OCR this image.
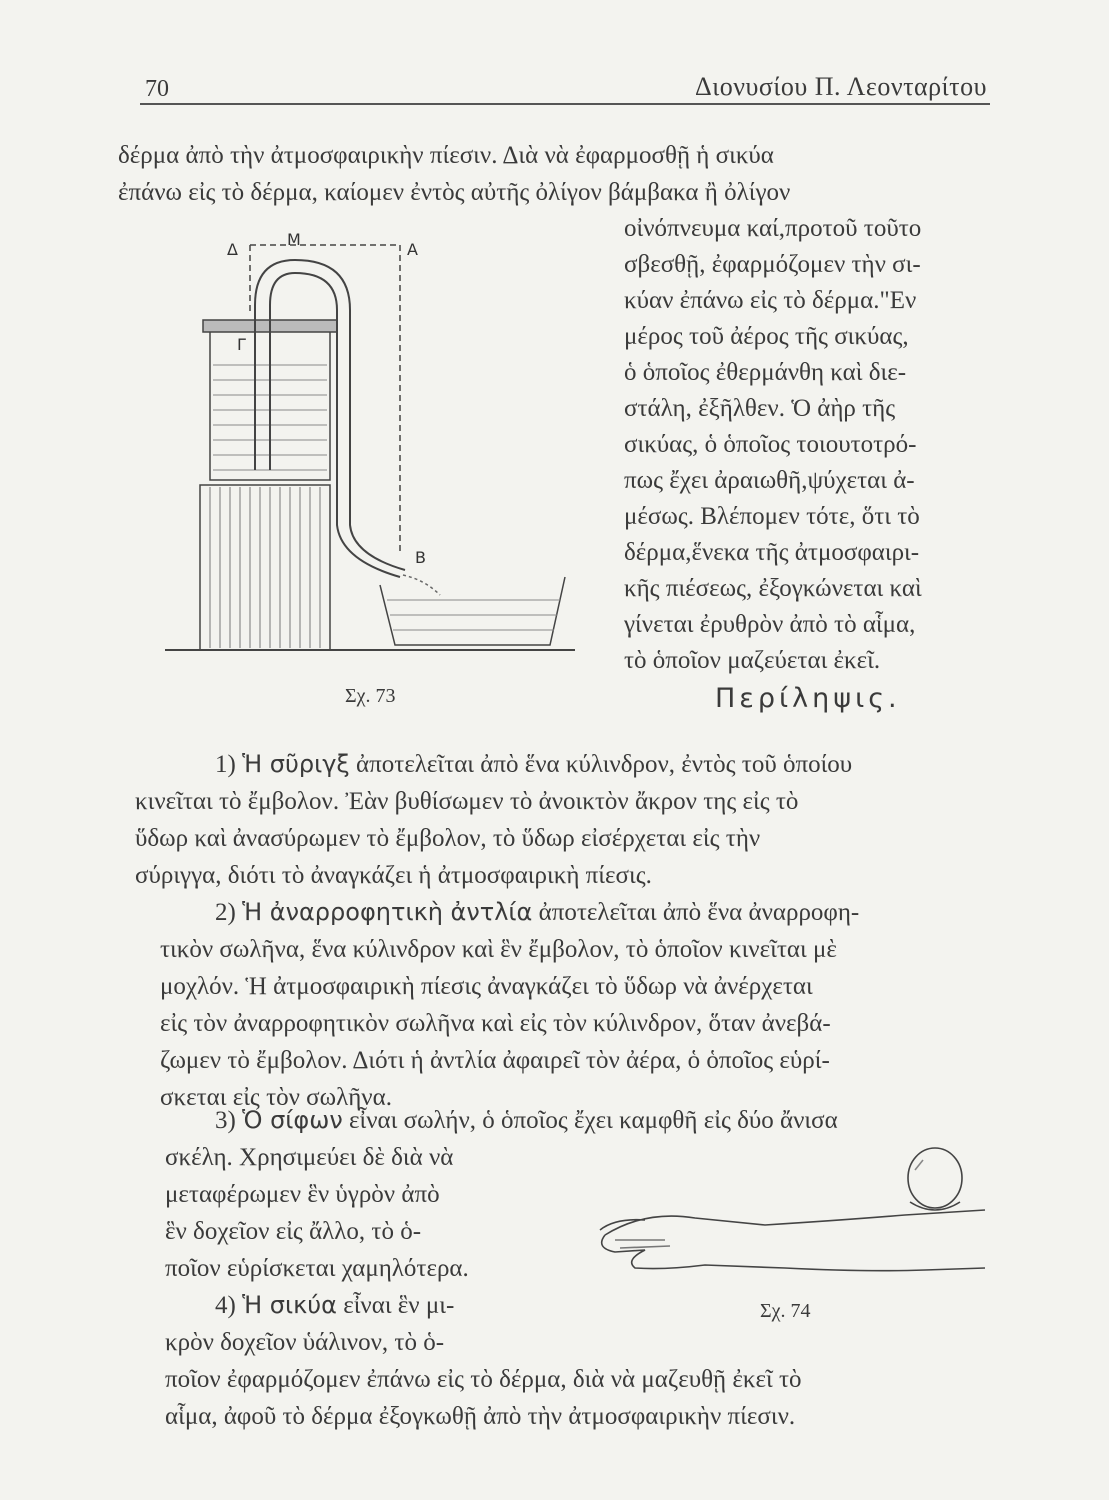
70	Διονυσίου Π. Λεονταρίτου
δέρμα ἀπὸ τὴν ἀτμοσφαιρικὴν πίεσιν. Διὰ νὰ ἐφαρμοσθῇ ἡ σικύα
ἐπάνω εἰς τὸ δέρμα, καίομεν ἐντὸς αὐτῆς ὀλίγον βάμβακα ἢ ὀλίγον
οἰνόπνευμα καί,προτοῦ τοῦτο
σβεσθῇ, ἐφαρμόζομεν τὴν σι-
κύαν ἐπάνω εἰς τὸ δέρμα."Εν
μέρος τοῦ ἀέρος τῆς σικύας,
ὁ ὁποῖος ἐθερμάνθη καὶ διε-
στάλη, ἐξῆλθεν. Ὁ ἀὴρ τῆς
σικύας, ὁ ὁποῖος τοιουτοτρό-
πως ἔχει ἀραιωθῆ,ψύχεται ἀ-
μέσως. Βλέπομεν τότε, ὅτι τὸ
δέρμα,ἕνεκα τῆς ἀτμοσφαιρι-
κῆς πιέσεως, ἐξογκώνεται καὶ
γίνεται ἐρυθρὸν ἀπὸ τὸ αἷμα,
τὸ ὁποῖον μαζεύεται ἐκεῖ.
Δ
Μ
Α
Γ
Β
Σχ. 73	Περίληψις.
1) Ἡ σῦριγξ ἀποτελεῖται ἀπὸ ἕνα κύλινδρον, ἐντὸς τοῦ ὁποίου
κινεῖται τὸ ἔμβολον. Ἐὰν βυθίσωμεν τὸ ἀνοικτὸν ἄκρον της εἰς τὸ
ὕδωρ καὶ ἀνασύρωμεν τὸ ἔμβολον, τὸ ὕδωρ εἰσέρχεται εἰς τὴν
σύριγγα, διότι τὸ ἀναγκάζει ἡ ἀτμοσφαιρικὴ πίεσις.
2) Ἡ ἀναρροφητικὴ ἀντλία ἀποτελεῖται ἀπὸ ἕνα ἀναρροφη-
τικὸν σωλῆνα, ἕνα κύλινδρον καὶ ἓν ἔμβολον, τὸ ὁποῖον κινεῖται μὲ
μοχλόν. Ἡ ἀτμοσφαιρικὴ πίεσις ἀναγκάζει τὸ ὕδωρ νὰ ἀνέρχεται
εἰς τὸν ἀναρροφητικὸν σωλῆνα καὶ εἰς τὸν κύλινδρον, ὅταν ἀνεβά-
ζωμεν τὸ ἔμβολον. Διότι ἡ ἀντλία ἀφαιρεῖ τὸν ἀέρα, ὁ ὁποῖος εὑρί-
σκεται εἰς τὸν σωλῆνα.
3) Ὁ σίφων εἶναι σωλήν, ὁ ὁποῖος ἔχει καμφθῆ εἰς δύο ἄνισα
σκέλη. Χρησιμεύει δὲ διὰ νὰ
μεταφέρωμεν ἓν ὑγρὸν ἀπὸ
ἓν δοχεῖον εἰς ἄλλο, τὸ ὁ-
ποῖον εὑρίσκεται χαμηλότερα.
4) Ἡ σικύα εἶναι ἓν μι-
κρὸν δοχεῖον ὑάλινον, τὸ ὁ-
ποῖον ἐφαρμόζομεν ἐπάνω εἰς τὸ δέρμα, διὰ νὰ μαζευθῇ ἐκεῖ τὸ
αἷμα, ἀφοῦ τὸ δέρμα ἐξογκωθῇ ἀπὸ τὴν ἀτμοσφαιρικὴν πίεσιν.
Σχ. 74
